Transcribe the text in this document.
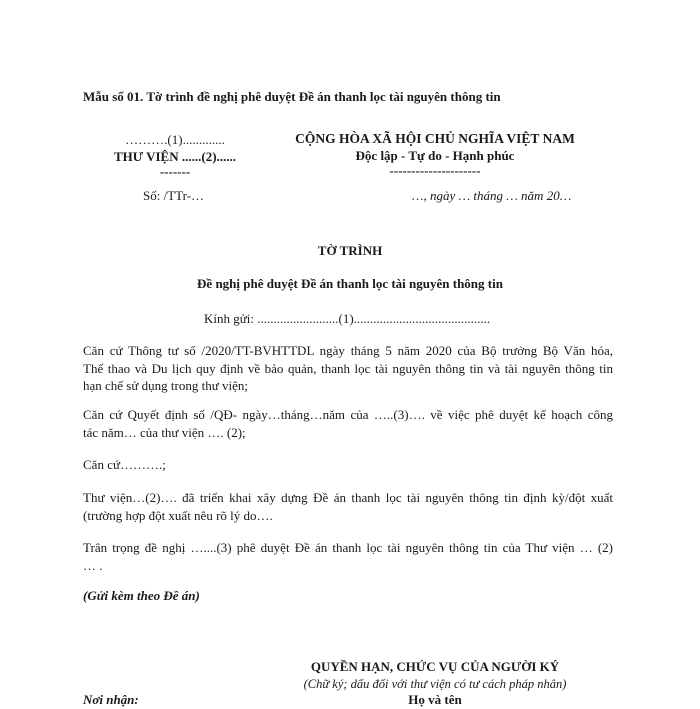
Mẫu số 01. Tờ trình đề nghị phê duyệt Đề án thanh lọc tài nguyên thông tin
……….(1).............
THƯ VIỆN ......(2)......
-------
Số: /TTr-…
CỘNG HÒA XÃ HỘI CHỦ NGHĨA VIỆT NAM
Độc lập - Tự do - Hạnh phúc
---------------------
…, ngày … tháng … năm 20…
TỜ TRÌNH
Đề nghị phê duyệt Đề án thanh lọc tài nguyên thông tin
Kính gửi: .........................(1)..........................................
Căn cứ Thông tư số /2020/TT-BVHTTDL ngày tháng 5 năm 2020 của Bộ trưởng Bộ Văn hóa,
Thể thao và Du lịch quy định về bảo quản, thanh lọc tài nguyên thông tin và tài nguyên thông tin
hạn chế sử dụng trong thư viện;
Căn cứ Quyết định số /QĐ- ngày…tháng…năm của …..(3)…. về việc phê duyệt kế hoạch công
tác năm… của thư viện …. (2);
Căn cứ……….;
Thư viện…(2)…. đã triển khai xây dựng Đề án thanh lọc tài nguyên thông tin định kỳ/đột xuất
(trường hợp đột xuất nêu rõ lý do….
Trân trọng đề nghị …....(3) phê duyệt Đề án thanh lọc tài nguyên thông tin của Thư viện … (2)
… .
(Gửi kèm theo Đề án)
QUYỀN HẠN, CHỨC VỤ CỦA NGƯỜI KÝ
(Chữ ký; dấu đối với thư viện có tư cách pháp nhân)
Họ và tên
Nơi nhận:
